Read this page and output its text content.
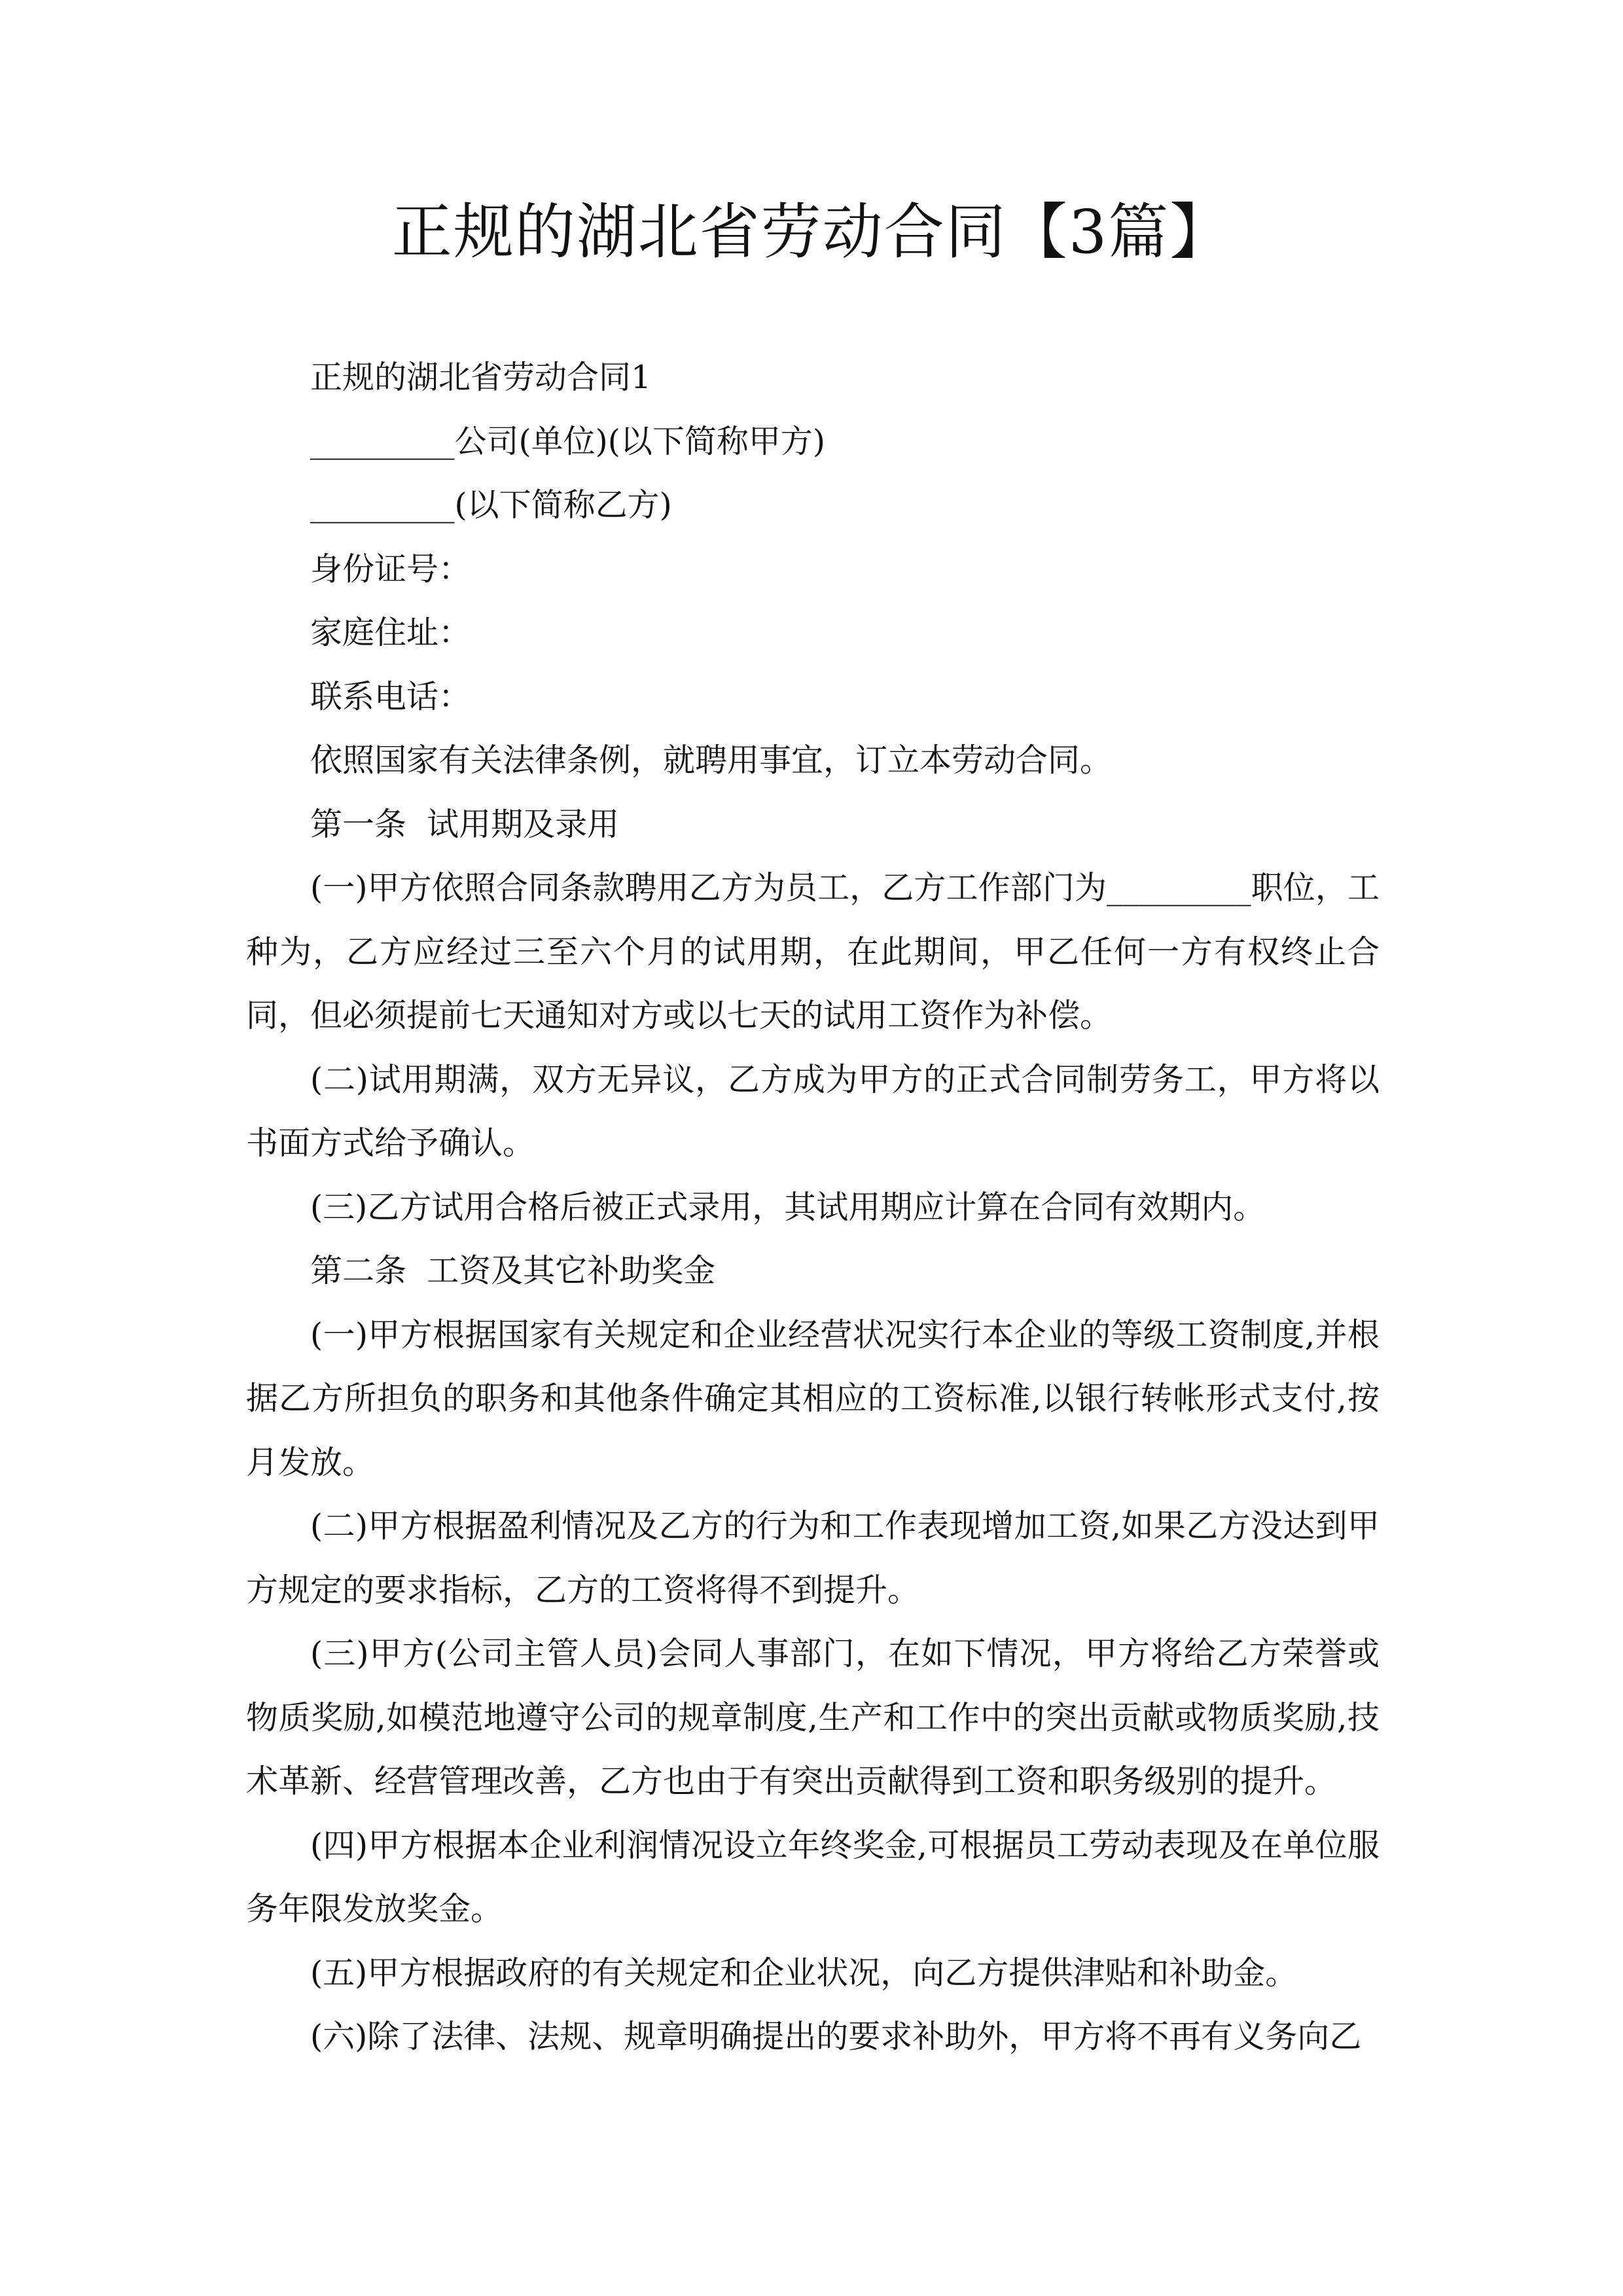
正规的湖北省劳动合同【3篇】

正规的湖北省劳动合同1

_________公司(单位)(以下简称甲方)

_________(以下简称乙方)

身份证号：

家庭住址：

联系电话：

依照国家有关法律条例，就聘用事宜，订立本劳动合同。

第一条  试用期及录用

(一)甲方依照合同条款聘用乙方为员工，乙方工作部门为_________职位，工种为，乙方应经过三至六个月的试用期，在此期间，甲乙任何一方有权终止合同，但必须提前七天通知对方或以七天的试用工资作为补偿。

(二)试用期满，双方无异议，乙方成为甲方的正式合同制劳务工，甲方将以书面方式给予确认。

(三)乙方试用合格后被正式录用，其试用期应计算在合同有效期内。

第二条  工资及其它补助奖金

(一)甲方根据国家有关规定和企业经营状况实行本企业的等级工资制度,并根据乙方所担负的职务和其他条件确定其相应的工资标准,以银行转帐形式支付,按月发放。

(二)甲方根据盈利情况及乙方的行为和工作表现增加工资,如果乙方没达到甲方规定的要求指标，乙方的工资将得不到提升。

(三)甲方(公司主管人员)会同人事部门，在如下情况，甲方将给乙方荣誉或物质奖励,如模范地遵守公司的规章制度,生产和工作中的突出贡献或物质奖励,技术革新、经营管理改善，乙方也由于有突出贡献得到工资和职务级别的提升。

(四)甲方根据本企业利润情况设立年终奖金,可根据员工劳动表现及在单位服务年限发放奖金。

(五)甲方根据政府的有关规定和企业状况，向乙方提供津贴和补助金。

(六)除了法律、法规、规章明确提出的要求补助外，甲方将不再有义务向乙
